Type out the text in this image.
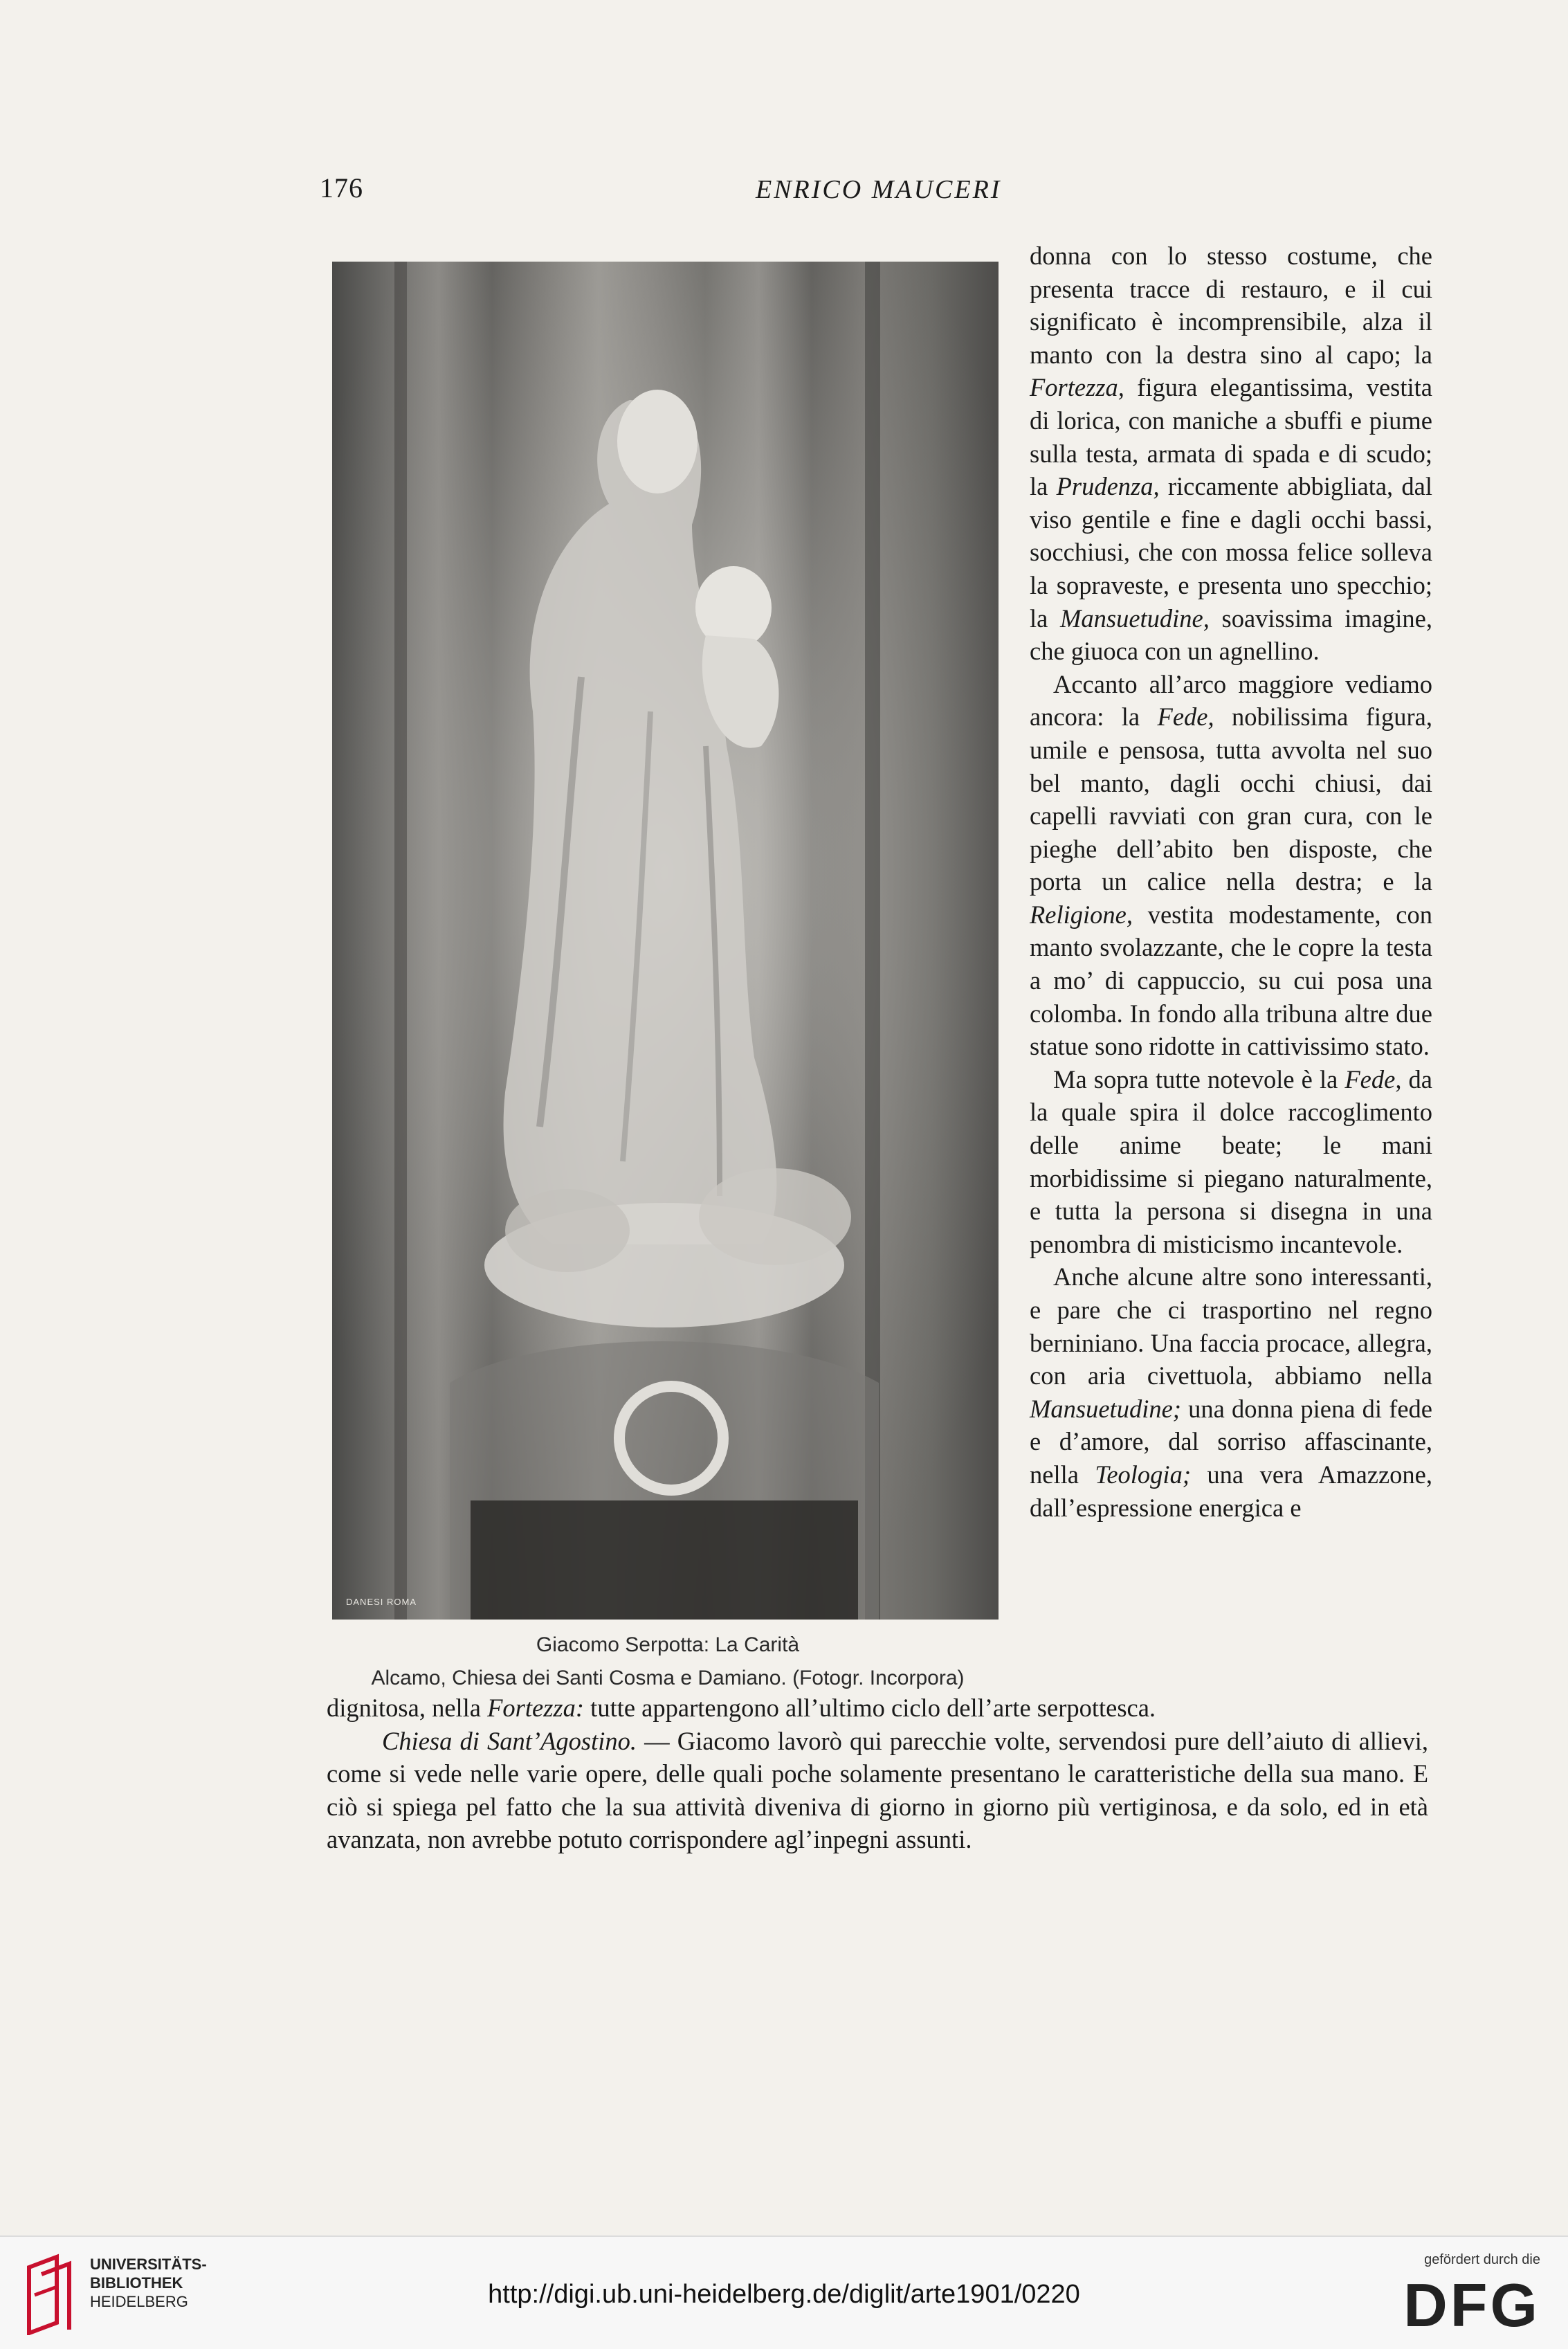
176	ENRICO MAUCERI
DANESI ROMA
Giacomo Serpotta: La Carità
Alcamo, Chiesa dei Santi Cosma e Damiano. (Fotogr. Incorpora)

donna con lo stesso costume, che presenta tracce di restauro, e il cui significato è incomprensibile, alza il manto con la destra sino al capo; la Fortezza, figura elegantissima, vestita di lorica, con maniche a sbuffi e piume sulla testa, armata di spada e di scudo; la Prudenza, riccamente abbigliata, dal viso gentile e fine e dagli occhi bassi, socchiusi, che con mossa felice solleva la sopraveste, e presenta uno specchio; la Mansuetudine, soavissima imagine, che giuoca con un agnellino.

Accanto all’arco maggiore vediamo ancora: la Fede, nobilissima figura, umile e pensosa, tutta avvolta nel suo bel manto, dagli occhi chiusi, dai capelli ravviati con gran cura, con le pieghe dell’abito ben disposte, che porta un calice nella destra; e la Religione, vestita modestamente, con manto svolazzante, che le copre la testa a mo’ di cappuccio, su cui posa una colomba. In fondo alla tribuna altre due statue sono ridotte in cattivissimo stato.

Ma sopra tutte notevole è la Fede, da la quale spira il dolce raccoglimento delle anime beate; le mani morbidissime si piegano naturalmente, e tutta la persona si disegna in una penombra di misticismo incantevole.

Anche alcune altre sono interessanti, e pare che ci trasportino nel regno berniniano. Una faccia procace, allegra, con aria civettuola, abbiamo nella Mansuetudine; una donna piena di fede e d’amore, dal sorriso affascinante, nella Teologia; una vera Amazzone, dall’espressione energica e

dignitosa, nella Fortezza: tutte appartengono all’ultimo ciclo dell’arte serpottesca.

Chiesa di Sant’Agostino. — Giacomo lavorò qui parecchie volte, servendosi pure dell’aiuto di allievi, come si vede nelle varie opere, delle quali poche solamente presentano le caratteristiche della sua mano. E ciò si spiega pel fatto che la sua attività diveniva di giorno in giorno più vertiginosa, e da solo, ed in età avanzata, non avrebbe potuto corrispondere agl’inpegni assunti.

UNIVERSITÄTS-
BIBLIOTHEK
HEIDELBERG	http://digi.ub.uni-heidelberg.de/diglit/arte1901/0220
gefördert durch die
DFG
